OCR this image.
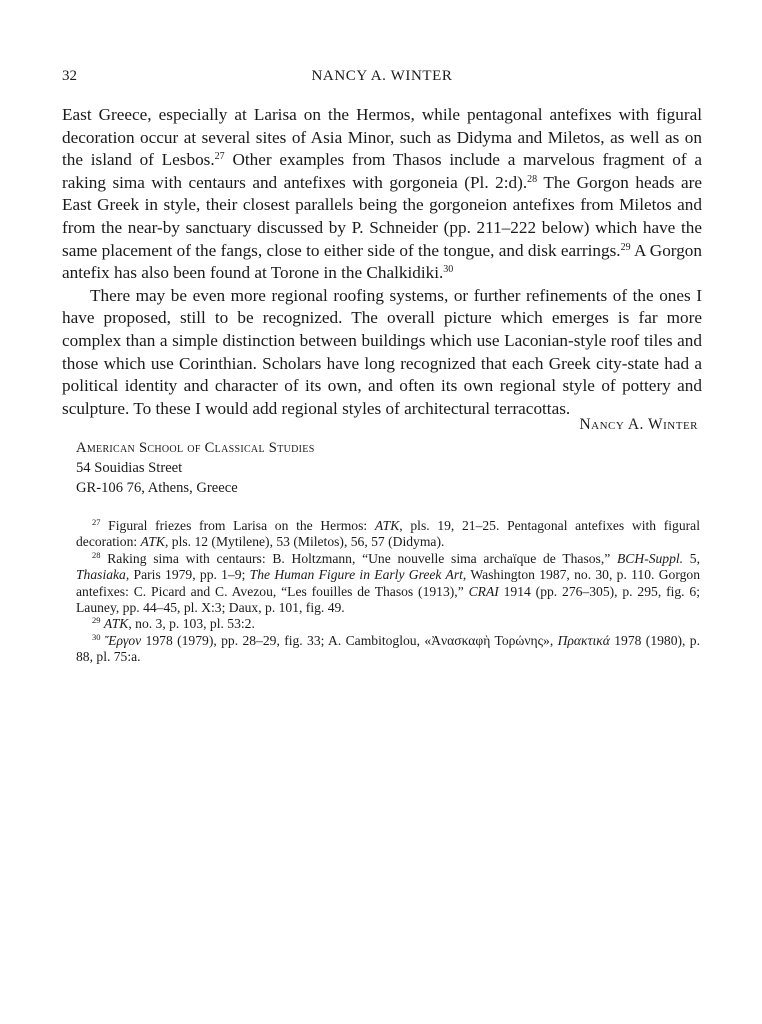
32	NANCY A. WINTER

East Greece, especially at Larisa on the Hermos, while pentagonal antefixes with figural decoration occur at several sites of Asia Minor, such as Didyma and Miletos, as well as on the island of Lesbos.$^{27}$ Other examples from Thasos include a marvelous fragment of a raking sima with centaurs and antefixes with gorgoneia (Pl. 2:d).$^{28}$ The Gorgon heads are East Greek in style, their closest parallels being the gorgoneion antefixes from Miletos and from the near-by sanctuary discussed by P. Schneider (pp. 211–222 below) which have the same placement of the fangs, close to either side of the tongue, and disk earrings.$^{29}$ A Gorgon antefix has also been found at Torone in the Chalkidiki.$^{30}$

There may be even more regional roofing systems, or further refinements of the ones I have proposed, still to be recognized. The overall picture which emerges is far more complex than a simple distinction between buildings which use Laconian-style roof tiles and those which use Corinthian. Scholars have long recognized that each Greek city-state had a political identity and character of its own, and often its own regional style of pottery and sculpture. To these I would add regional styles of architectural terracottas.

Nancy A. Winter
American School of Classical Studies
54 Souidias Street
GR-106 76, Athens, Greece

$^{27}$ Figural friezes from Larisa on the Hermos: ATK, pls. 19, 21–25. Pentagonal antefixes with figural decoration: ATK, pls. 12 (Mytilene), 53 (Miletos), 56, 57 (Didyma).

$^{28}$ Raking sima with centaurs: B. Holtzmann, “Une nouvelle sima archaïque de Thasos,” BCH-Suppl. 5, Thasiaka, Paris 1979, pp. 1–9; The Human Figure in Early Greek Art, Washington 1987, no. 30, p. 110. Gorgon antefixes: C. Picard and C. Avezou, “Les fouilles de Thasos (1913),” CRAI 1914 (pp. 276–305), p. 295, fig. 6; Launey, pp. 44–45, pl. X:3; Daux, p. 101, fig. 49.

$^{29}$ ATK, no. 3, p. 103, pl. 53:2.

$^{30}$ Ἔργον 1978 (1979), pp. 28–29, fig. 33; A. Cambitoglou, «Ἀνασκαφὴ Τορώνης», Πρακτικά 1978 (1980), p. 88, pl. 75:a.
